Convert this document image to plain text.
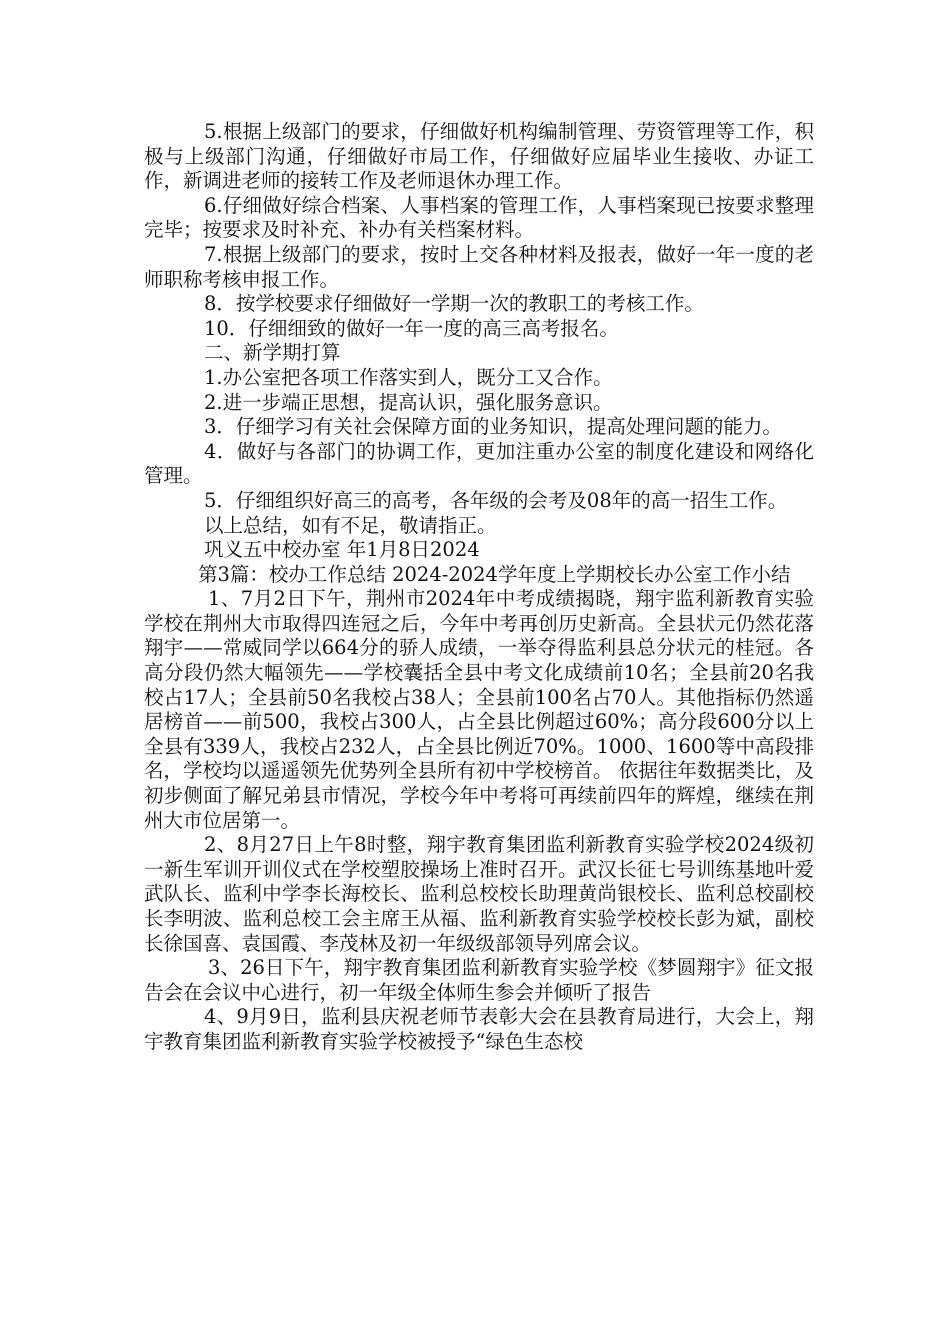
5.根据上级部门的要求，仔细做好机构编制管理、劳资管理等工作，积极与上级部门沟通，仔细做好市局工作，仔细做好应届毕业生接收、办证工作，新调进老师的接转工作及老师退休办理工作。

6.仔细做好综合档案、人事档案的管理工作，人事档案现已按要求整理完毕；按要求及时补充、补办有关档案材料。

7.根据上级部门的要求，按时上交各种材料及报表，做好一年一度的老师职称考核申报工作。

8．按学校要求仔细做好一学期一次的教职工的考核工作。

10．仔细细致的做好一年一度的高三高考报名。

二、新学期打算

1.办公室把各项工作落实到人，既分工又合作。

2.进一步端正思想，提高认识，强化服务意识。

3．仔细学习有关社会保障方面的业务知识，提高处理问题的能力。

4．做好与各部门的协调工作，更加注重办公室的制度化建设和网络化管理。

5．仔细组织好高三的高考，各年级的会考及08年的高一招生工作。

以上总结，如有不足，敬请指正。

巩义五中校办室 年1月8日2024

第3篇：校办工作总结 2024-2024学年度上学期校长办公室工作小结

1、7月2日下午，荆州市2024年中考成绩揭晓，翔宇监利新教育实验学校在荆州大市取得四连冠之后，今年中考再创历史新高。全县状元仍然花落翔宇——常威同学以664分的骄人成绩，一举夺得监利县总分状元的桂冠。各高分段仍然大幅领先——学校囊括全县中考文化成绩前10名；全县前20名我校占17人；全县前50名我校占38人；全县前100名占70人。其他指标仍然遥居榜首——前500，我校占300人，占全县比例超过60%；高分段600分以上全县有339人，我校占232人，占全县比例近70%。1000、1600等中高段排名，学校均以遥遥领先优势列全县所有初中学校榜首。 依据往年数据类比，及初步侧面了解兄弟县市情况，学校今年中考将可再续前四年的辉煌，继续在荆州大市位居第一。

2、8月27日上午8时整，翔宇教育集团监利新教育实验学校2024级初一新生军训开训仪式在学校塑胶操场上准时召开。武汉长征七号训练基地叶爱武队长、监利中学李长海校长、监利总校校长助理黄尚银校长、监利总校副校长李明波、监利总校工会主席王从福、监利新教育实验学校校长彭为斌，副校长徐国喜、袁国霞、李茂林及初一年级级部领导列席会议。

3、26日下午，翔宇教育集团监利新教育实验学校《梦圆翔宇》征文报告会在会议中心进行，初一年级全体师生参会并倾听了报告

4、9月9日，监利县庆祝老师节表彰大会在县教育局进行，大会上，翔宇教育集团监利新教育实验学校被授予“绿色生态校
